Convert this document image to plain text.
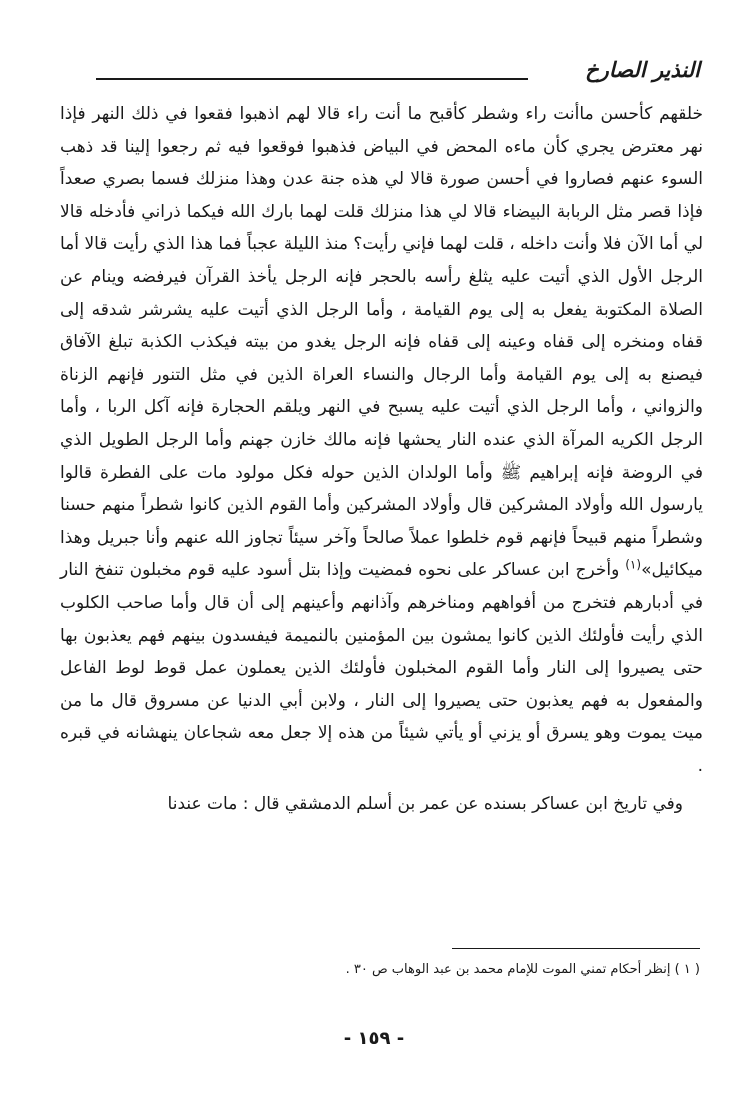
النذير الصارخ

خلقهم كأحسن ماأنت راء وشطر كأقبح ما أنت راء قالا لهم اذهبوا فقعوا في ذلك النهر فإذا نهر معترض يجري كأن ماءه المحض في البياض فذهبوا فوقعوا فيه ثم رجعوا إلينا قد ذهب السوء عنهم فصاروا في أحسن صورة قالا لي هذه جنة عدن وهذا منزلك فسما بصري صعداً فإذا قصر مثل الربابة البيضاء قالا لي هذا منزلك قلت لهما بارك الله فيكما ذراني فأدخله قالا لي أما الآن فلا وأنت داخله ، قلت لهما فإني رأيت؟ منذ الليلة عجباً فما هذا الذي رأيت قالا أما الرجل الأول الذي أتيت عليه يثلغ رأسه بالحجر فإنه الرجل يأخذ القرآن فيرفضه وينام عن الصلاة المكتوبة يفعل به إلى يوم القيامة ، وأما الرجل الذي أتيت عليه يشرشر شدقه إلى قفاه ومنخره إلى قفاه وعينه إلى قفاه فإنه الرجل يغدو من بيته فيكذب الكذبة تبلغ الآفاق فيصنع به إلى يوم القيامة وأما الرجال والنساء العراة الذين في مثل التنور فإنهم الزناة والزواني ، وأما الرجل الذي أتيت عليه يسبح في النهر ويلقم الحجارة فإنه آكل الربا ، وأما الرجل الكريه المرآة الذي عنده النار يحشها فإنه مالك خازن جهنم وأما الرجل الطويل الذي في الروضة فإنه إبراهيم ﷺ وأما الولدان الذين حوله فكل مولود مات على الفطرة قالوا يارسول الله وأولاد المشركين قال وأولاد المشركين وأما القوم الذين كانوا شطراً منهم حسنا وشطراً منهم قبيحاً فإنهم قوم خلطوا عملاً صالحاً وآخر سيئاً تجاوز الله عنهم وأنا جبريل وهذا ميكائيل»$^{(١)}$ وأخرج ابن عساكر على نحوه فمضيت وإذا بتل أسود عليه قوم مخبلون تنفخ النار في أدبارهم فتخرج من أفواههم ومناخرهم وآذانهم وأعينهم إلى أن قال وأما صاحب الكلوب الذي رأيت فأولئك الذين كانوا يمشون بين المؤمنين بالنميمة فيفسدون بينهم فهم يعذبون بها حتى يصيروا إلى النار وأما القوم المخبلون فأولئك الذين يعملون عمل قوط لوط الفاعل والمفعول به فهم يعذبون حتى يصيروا إلى النار ، ولابن أبي الدنيا عن مسروق قال ما من ميت يموت وهو يسرق أو يزني أو يأتي شيئاً من هذه إلا جعل معه شجاعان ينهشانه في قبره .

وفي تاريخ ابن عساكر بسنده عن عمر بن أسلم الدمشقي قال : مات عندنا

( ١ ) إنظر أحكام تمني الموت للإمام محمد بن عبد الوهاب ص ٣٠ .
- ١٥٩ -
